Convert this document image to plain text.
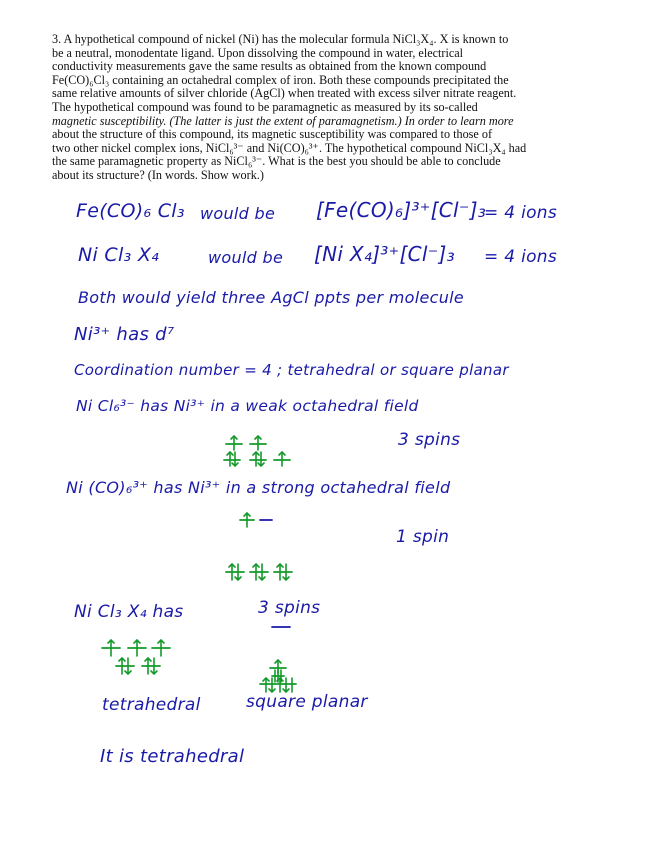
3. A hypothetical compound of nickel (Ni) has the molecular formula NiCl₃X₄. X is known to
be a neutral, monodentate ligand. Upon dissolving the compound in water, electrical
conductivity measurements gave the same results as obtained from the known compound
Fe(CO)₆Cl₃ containing an octahedral complex of iron. Both these compounds precipitated the
same relative amounts of silver chloride (AgCl) when treated with excess silver nitrate reagent.
The hypothetical compound was found to be paramagnetic as measured by its so-called
magnetic susceptibility. (The latter is just the extent of paramagnetism.) In order to learn more
about the structure of this compound, its magnetic susceptibility was compared to those of
two other nickel complex ions, NiCl₆³⁻ and Ni(CO)₆³⁺. The hypothetical compound NiCl₃X₄ had
the same paramagnetic property as NiCl₆³⁻. What is the best you should be able to conclude
about its structure? (In words. Show work.)
Fe(CO)₆ Cl₃ would be [Fe(CO)₆]³⁺[Cl⁻]₃
= 4 ions
Ni Cl₃ X₄	would be [Ni X₄]³⁺[Cl⁻]₃ = 4 ions
Both would yield three AgCl ppts per molecule
Ni³⁺ has d⁷
Coordination number = 4 ; tetrahedral or square planar
Ni Cl₆³⁻ has Ni³⁺ in a weak octahedral field
3 spins
Ni (CO)₆³⁺ has Ni³⁺ in a strong octahedral field
1 spin
Ni Cl₃ X₄ has	3 spins
tetrahedral	square planar
It is tetrahedral
